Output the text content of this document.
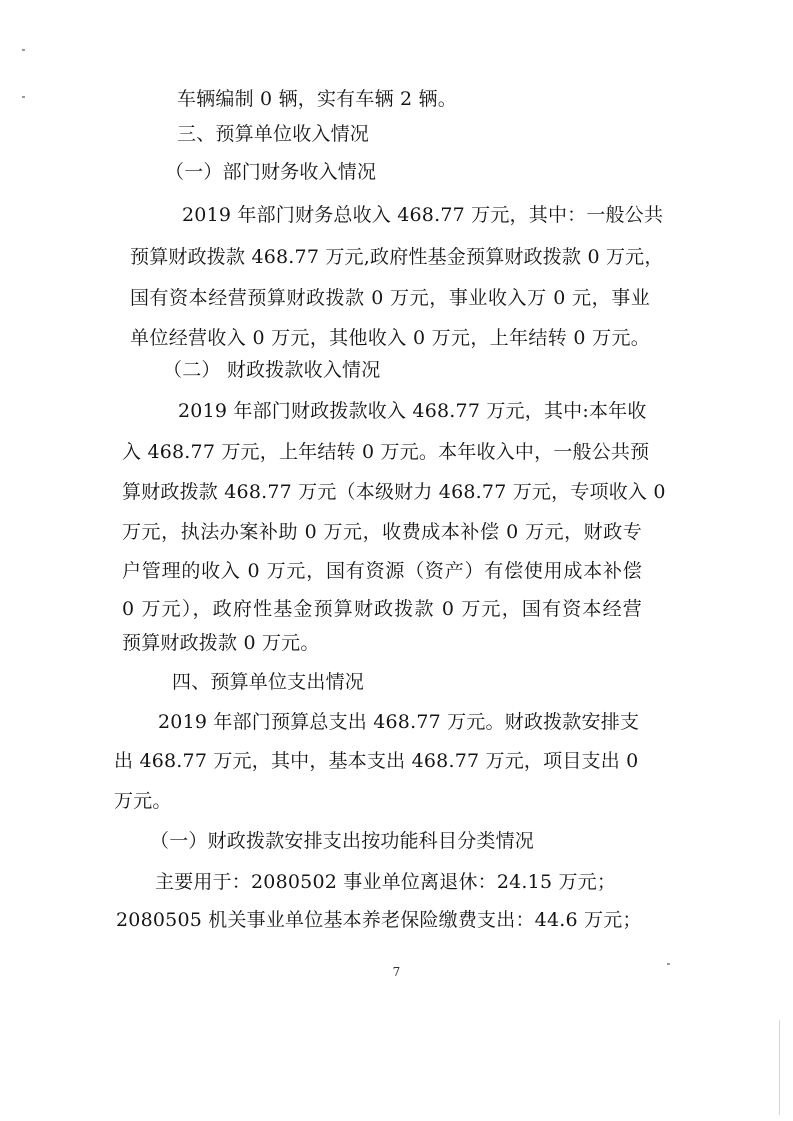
车辆编制 0 辆，实有车辆 2 辆。

三、预算单位收入情况

（一）部门财务收入情况

2019 年部门财务总收入 468.77 万元，其中：一般公共

预算财政拨款 468.77 万元,政府性基金预算财政拨款 0 万元，

国有资本经营预算财政拨款 0 万元，事业收入万 0 元，事业

单位经营收入 0 万元，其他收入 0 万元，上年结转 0 万元。

（二） 财政拨款收入情况

2019 年部门财政拨款收入 468.77 万元，其中:本年收

入 468.77 万元，上年结转 0 万元。本年收入中，一般公共预

算财政拨款 468.77 万元（本级财力 468.77 万元，专项收入 0

万元，执法办案补助 0 万元，收费成本补偿 0 万元，财政专

户管理的收入 0 万元，国有资源（资产）有偿使用成本补偿

0 万元），政府性基金预算财政拨款 0 万元，国有资本经营

预算财政拨款 0 万元。

四、预算单位支出情况

2019 年部门预算总支出 468.77 万元。财政拨款安排支

出 468.77 万元，其中，基本支出 468.77 万元，项目支出 0

万元。

（一）财政拨款安排支出按功能科目分类情况

主要用于：2080502 事业单位离退休：24.15 万元；

2080505 机关事业单位基本养老保险缴费支出：44.6 万元；

7
